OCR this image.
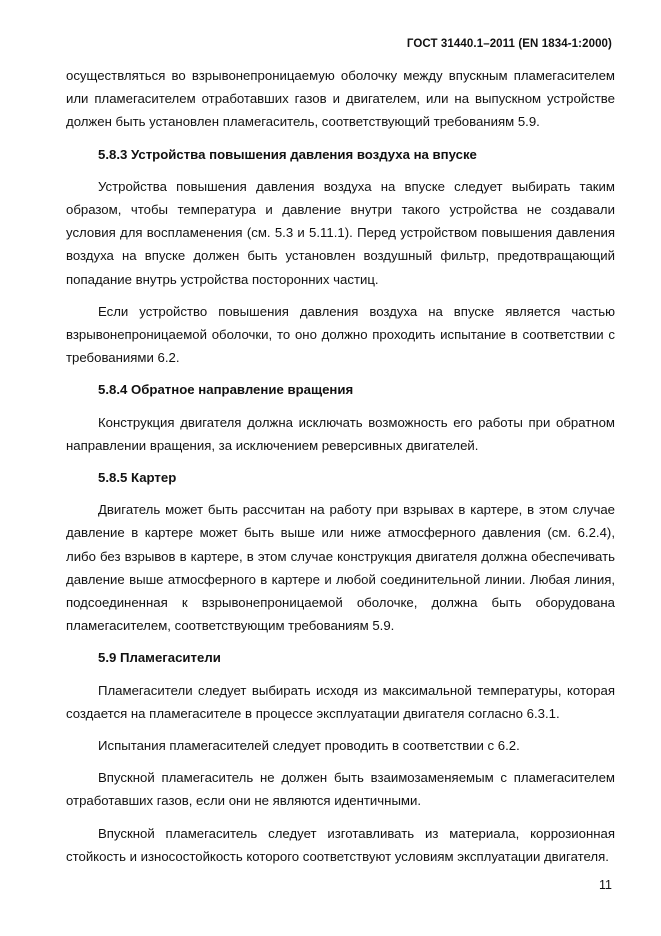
ГОСТ 31440.1–2011 (EN 1834-1:2000)

осуществляться во взрывонепроницаемую оболочку между впускным пламегасителем или пламегасителем отработавших газов и двигателем, или на выпускном устройстве должен быть установлен пламегаситель, соответствующий требованиям 5.9.

5.8.3 Устройства повышения давления воздуха на впуске

Устройства повышения давления воздуха на впуске следует выбирать таким образом, чтобы температура и давление внутри такого устройства не создавали условия для воспламенения (см. 5.3 и 5.11.1). Перед устройством повышения давления воздуха на впуске должен быть установлен воздушный фильтр, предотвращающий попадание внутрь устройства посторонних частиц.

Если устройство повышения давления воздуха на впуске является частью взрывонепроницаемой оболочки, то оно должно проходить испытание в соответствии с требованиями 6.2.

5.8.4 Обратное направление вращения

Конструкция двигателя должна исключать возможность его работы при обратном направлении вращения, за исключением реверсивных двигателей.

5.8.5 Картер

Двигатель может быть рассчитан на работу при взрывах в картере, в этом случае давление в картере может быть выше или ниже атмосферного давления (см. 6.2.4), либо без взрывов в картере, в этом случае конструкция двигателя должна обеспечивать давление выше атмосферного в картере и любой соединительной линии. Любая линия, подсоединенная к взрывонепроницаемой оболочке, должна быть оборудована пламегасителем, соответствующим требованиям 5.9.

5.9 Пламегасители

Пламегасители следует выбирать исходя из максимальной температуры, которая создается на пламегасителе в процессе эксплуатации двигателя согласно 6.3.1.

Испытания пламегасителей следует проводить в соответствии с 6.2.

Впускной пламегаситель не должен быть взаимозаменяемым с пламегасителем отработавших газов, если они не являются идентичными.

Впускной пламегаситель следует изготавливать из материала, коррозионная стойкость и износостойкость которого соответствуют условиям эксплуатации двигателя.

11
